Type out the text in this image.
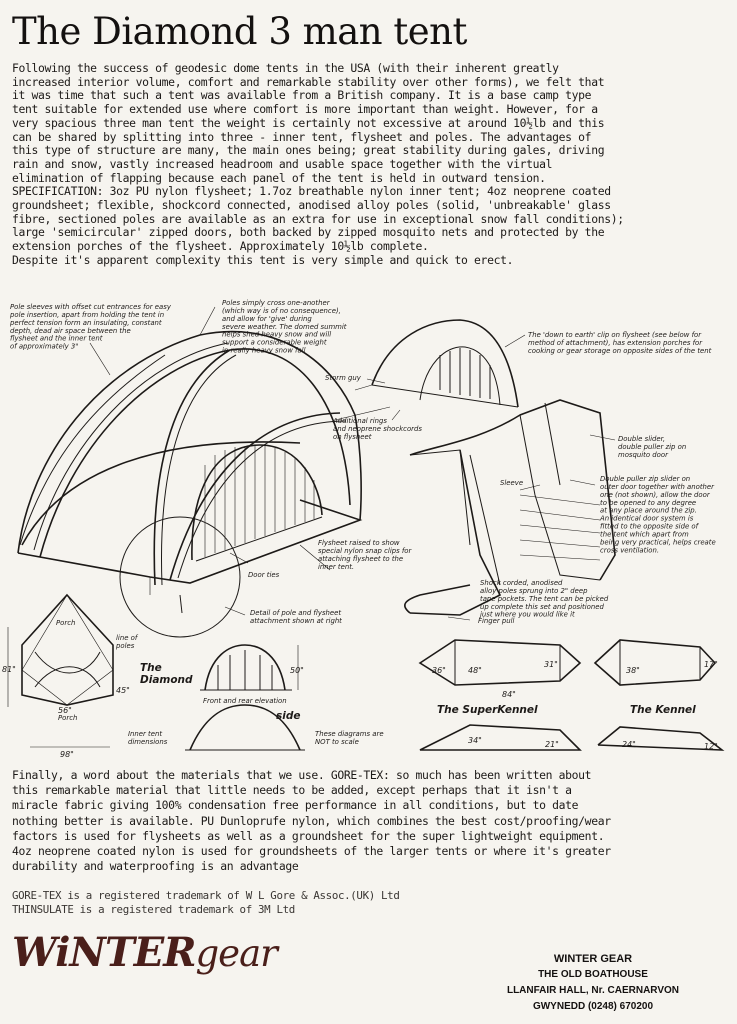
The Diamond 3 man tent
Following the success of geodesic dome tents in the USA (with their inherent greatly
increased interior volume, comfort and remarkable stability over other forms), we felt that
it was time that such a tent was available from a British company. It is a base camp type
tent suitable for extended use where comfort is more important than weight. However, for a
very spacious three man tent the weight is certainly not excessive at around 10½lb and this
can be shared by splitting into three - inner tent, flysheet and poles. The advantages of
this type of structure are many, the main ones being; great stability during gales, driving
rain and snow, vastly increased headroom and usable space together with the virtual
elimination of flapping because each panel of the tent is held in outward tension.
SPECIFICATION: 3oz PU nylon flysheet; 1.7oz breathable nylon inner tent; 4oz neoprene coated
groundsheet; flexible, shockcord connected, anodised alloy poles (solid, 'unbreakable' glass
fibre, sectioned poles are available as an extra for use in exceptional snow fall conditions);
large 'semicircular' zipped doors, both backed by zipped mosquito nets and protected by the
extension porches of the flysheet. Approximately 10½lb complete.
Despite it's apparent complexity this tent is very simple and quick to erect.
Pole sleeves with offset cut entrances for easy pole insertion, apart from holding the tent in perfect tension form an insulating, constant depth, dead air space between the flysheet and the inner tent of approximately 3"
Poles simply cross one-another (which way is of no consequence), and allow for 'give' during severe weather. The domed summit helps shed heavy snow and will support a considerable weight in really heavy snow fall
The 'down to earth' clip on flysheet (see below for method of attachment), has extension porches for cooking or gear storage on opposite sides of the tent
Storm guy
Additional rings and neoprene shockcords on flysheet	Double slider, double puller zip on mosquito door
Sleeve	Double puller zip slider on outer door together with another one (not shown), allow the door to be opened to any degree at any place around the zip. An identical door system is fitted to the opposite side of the tent which apart from being very practical, helps create cross ventilation.
Flysheet raised to show special nylon snap clips for attaching flysheet to the inner tent.
Door ties
Shock corded, anodised alloy poles sprung into 2" deep tape pockets. The tent can be picked up complete this set and positioned just where you would like it
Finger pull
Detail of pole and flysheet attachment shown at right
Porch
Porch
line of poles
The Diamond
Front and rear elevation
side
Inner tent dimensions
These diagrams are NOT to scale
The SuperKennel	The Kennel
81"
45"
56"
98"
50"	36"	48"
31"
84"
34"	21"
38"
17"
24"	12"
Finally, a word about the materials that we use. GORE-TEX: so much has been written about
this remarkable material that little needs to be added, except perhaps that it isn't a
miracle fabric giving 100% condensation free performance in all conditions, but to date
nothing better is available. PU Dunloprufe nylon, which combines the best cost/proofing/wear
factors is used for flysheets as well as a groundsheet for the super lightweight equipment.
4oz neoprene coated nylon is used for groundsheets of the larger tents or where it's greater
durability and waterproofing is an advantage
GORE-TEX is a registered trademark of W L Gore & Assoc.(UK) Ltd
THINSULATE is a registered trademark of 3M Ltd
WiNTERgear	WINTER GEAR
THE OLD BOATHOUSE
LLANFAIR HALL, Nr. CAERNARVON
GWYNEDD (0248) 670200
